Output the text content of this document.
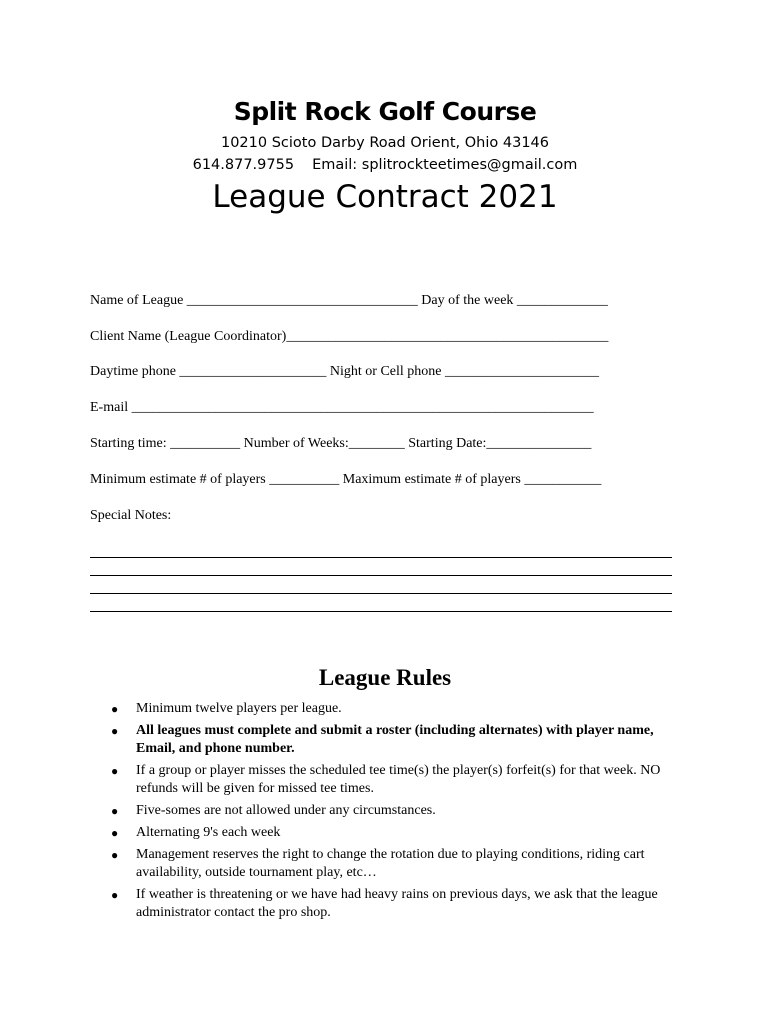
Split Rock Golf Course
10210 Scioto Darby Road Orient, Ohio 43146
614.877.9755 Email: splitrockteetimes@gmail.com
League Contract 2021
Name of League _________________________________ Day of the week _____________
Client Name (League Coordinator)______________________________________________
Daytime phone _____________________ Night or Cell phone ______________________
E-mail __________________________________________________________________
Starting time: __________ Number of Weeks:________ Starting Date:_______________
Minimum estimate # of players __________ Maximum estimate # of players ___________
Special Notes:
League Rules
● Minimum twelve players per league.
● All leagues must complete and submit a roster (including alternates) with player name, Email, and phone number.
● If a group or player misses the scheduled tee time(s) the player(s) forfeit(s) for that week. NO refunds will be given for missed tee times.
● Five-somes are not allowed under any circumstances.
● Alternating 9's each week
● Management reserves the right to change the rotation due to playing conditions, riding cart availability, outside tournament play, etc…
● If weather is threatening or we have had heavy rains on previous days, we ask that the league administrator contact the pro shop.
